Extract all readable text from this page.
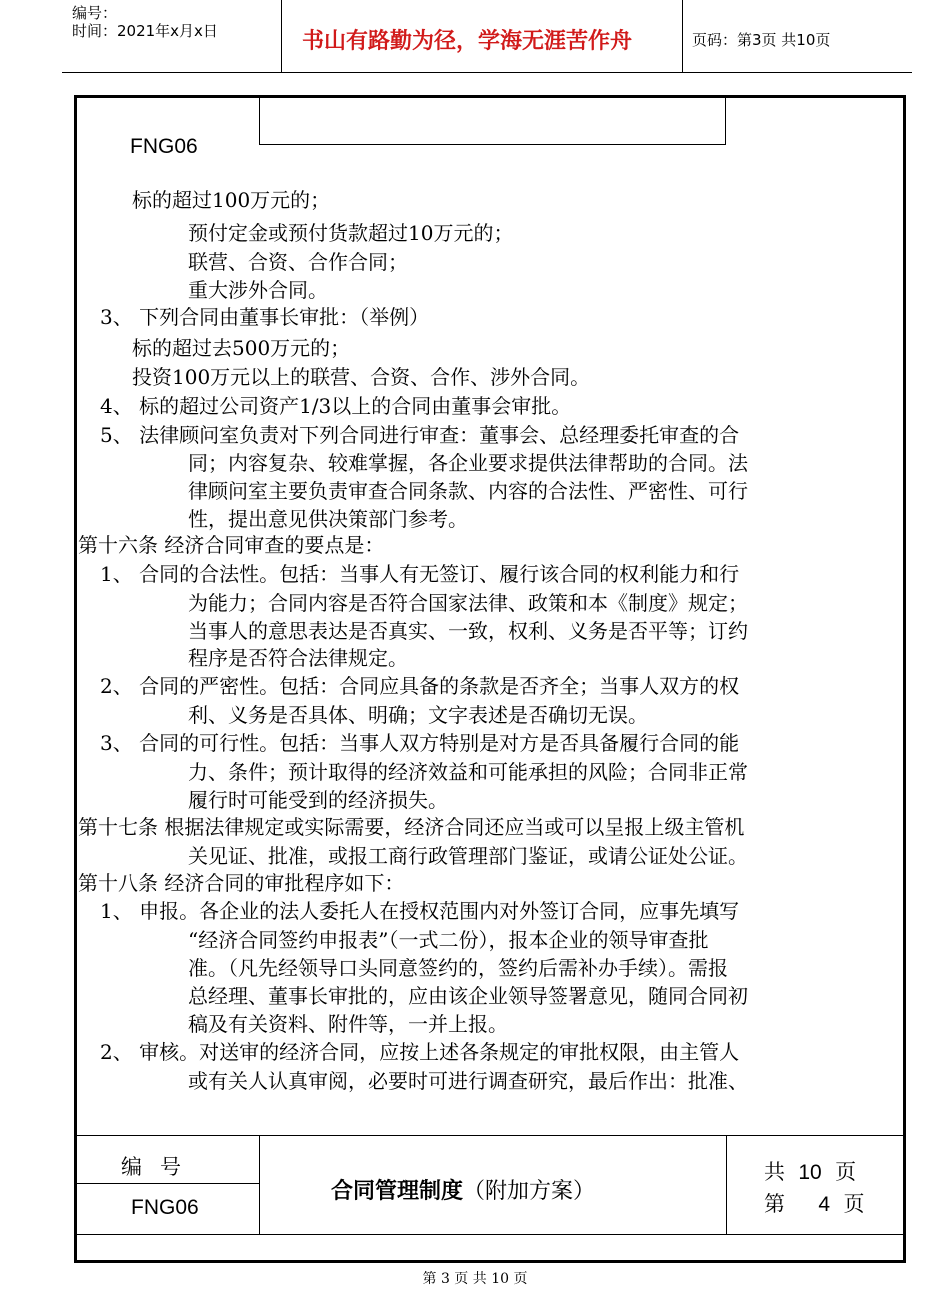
编号：
时间：2021年x月x日	书山有路勤为径，学海无涯苦作舟	页码：第3页 共10页
FNG06
标的超过100万元的；
预付定金或预付货款超过10万元的；
联营、合资、合作合同；
重大涉外合同。
3、 下列合同由董事长审批：（举例）
标的超过去500万元的；
投资100万元以上的联营、合资、合作、涉外合同。
4、 标的超过公司资产1/3以上的合同由董事会审批。
5、 法律顾问室负责对下列合同进行审查：董事会、总经理委托审查的合
同；内容复杂、较难掌握，各企业要求提供法律帮助的合同。法
律顾问室主要负责审查合同条款、内容的合法性、严密性、可行
性，提出意见供决策部门参考。
第十六条 经济合同审查的要点是：
1、 合同的合法性。包括：当事人有无签订、履行该合同的权利能力和行
为能力；合同内容是否符合国家法律、政策和本《制度》规定；
当事人的意思表达是否真实、一致，权利、义务是否平等；订约
程序是否符合法律规定。
2、 合同的严密性。包括：合同应具备的条款是否齐全；当事人双方的权
利、义务是否具体、明确；文字表述是否确切无误。
3、 合同的可行性。包括：当事人双方特别是对方是否具备履行合同的能
力、条件；预计取得的经济效益和可能承担的风险；合同非正常
履行时可能受到的经济损失。
第十七条 根据法律规定或实际需要，经济合同还应当或可以呈报上级主管机
关见证、批准，或报工商行政管理部门鉴证，或请公证处公证。
第十八条 经济合同的审批程序如下：
1、 申报。各企业的法人委托人在授权范围内对外签订合同，应事先填写
“经济合同签约申报表”（一式二份），报本企业的领导审查批
准。（凡先经领导口头同意签约的，签约后需补办手续）。需报
总经理、董事长审批的，应由该企业领导签署意见，随同合同初
稿及有关资料、附件等，一并上报。
2、 审核。对送审的经济合同，应按上述各条规定的审批权限，由主管人
或有关人认真审阅，必要时可进行调查研究，最后作出：批准、
编号
FNG06
合同管理制度（附加方案）
共 10 页
第 4 页
第 3 页 共 10 页
